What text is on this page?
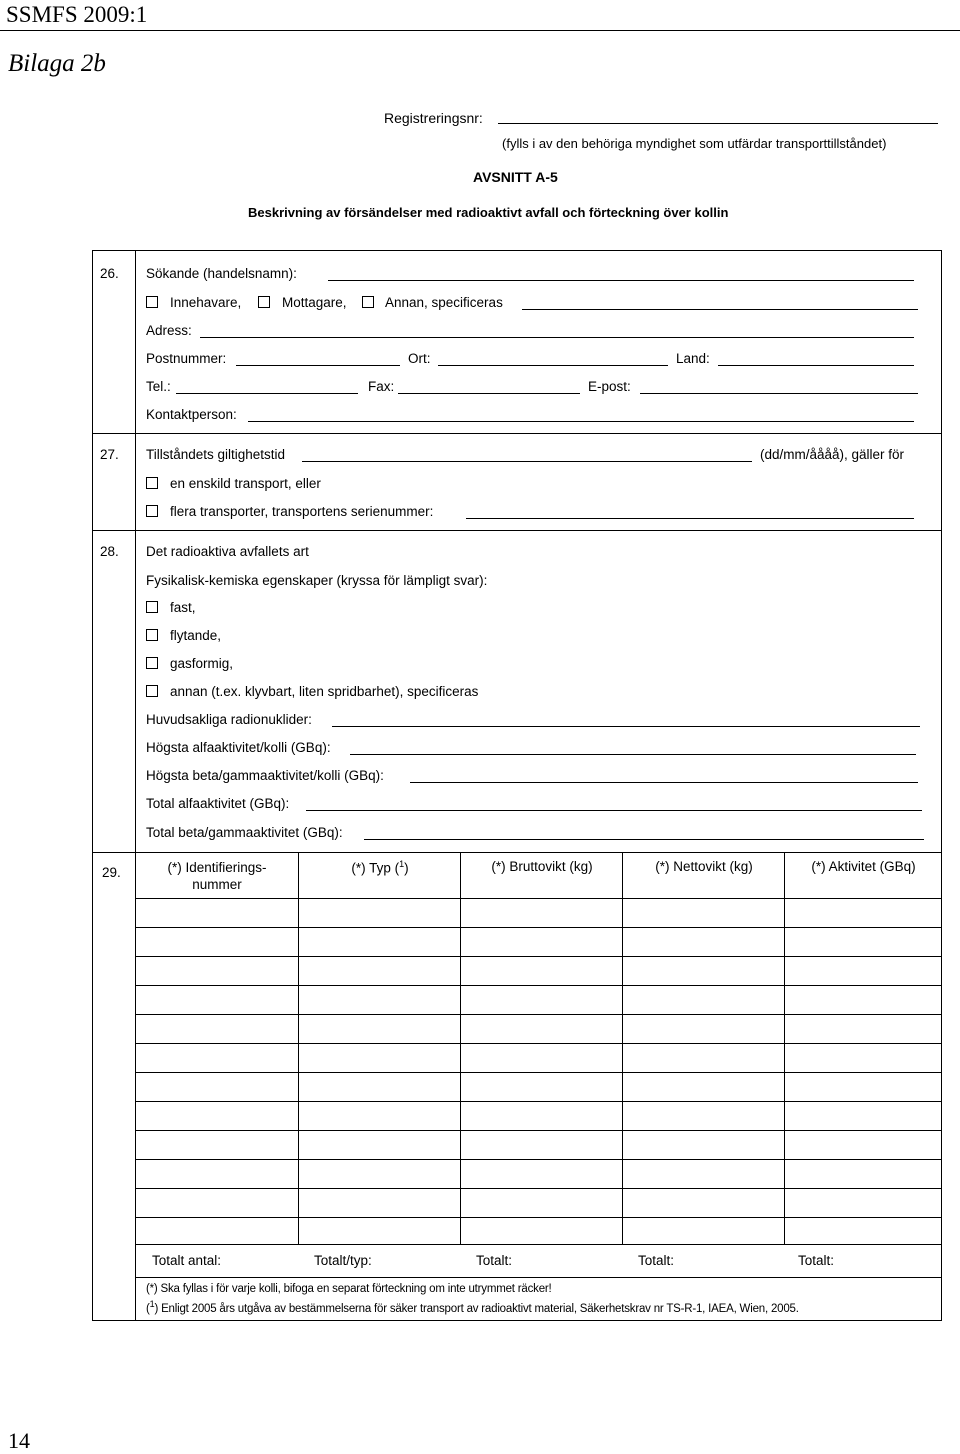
SSMFS 2009:1
Bilaga 2b
Registreringsnr:
(fylls i av den behöriga myndighet som utfärdar transporttillståndet)
AVSNITT A-5
Beskrivning av försändelser med radioaktivt avfall och förteckning över kollin
26. Sökande (handelsnamn):
Innehavare,	Mottagare,	Annan, specificeras
Adress:
Postnummer:	Ort:	Land:
Tel.:	Fax:	E-post:
Kontaktperson:
27. Tillståndets giltighetstid	(dd/mm/åååå), gäller för
en enskild transport, eller
flera transporter, transportens serienummer:
28. Det radioaktiva avfallets art
Fysikalisk-kemiska egenskaper (kryssa för lämpligt svar):
fast,
flytande,
gasformig,
annan (t.ex. klyvbart, liten spridbarhet), specificeras
Huvudsakliga radionuklider:
Högsta alfaaktivitet/kolli (GBq):
Högsta beta/gammaaktivitet/kolli (GBq):
Total alfaaktivitet (GBq):
Total beta/gammaaktivitet (GBq):
29.	(*) Identifierings-
nummer
(*) Typ ($^1$)	(*) Bruttovikt (kg)	(*) Nettovikt (kg)	(*) Aktivitet (GBq)
Totalt antal:	Totalt/typ:	Totalt:	Totalt:	Totalt:
(*) Ska fyllas i för varje kolli, bifoga en separat förteckning om inte utrymmet räcker!
($^1$) Enligt 2005 års utgåva av bestämmelserna för säker transport av radioaktivt material, Säkerhetskrav nr TS-R-1, IAEA, Wien, 2005.
14
